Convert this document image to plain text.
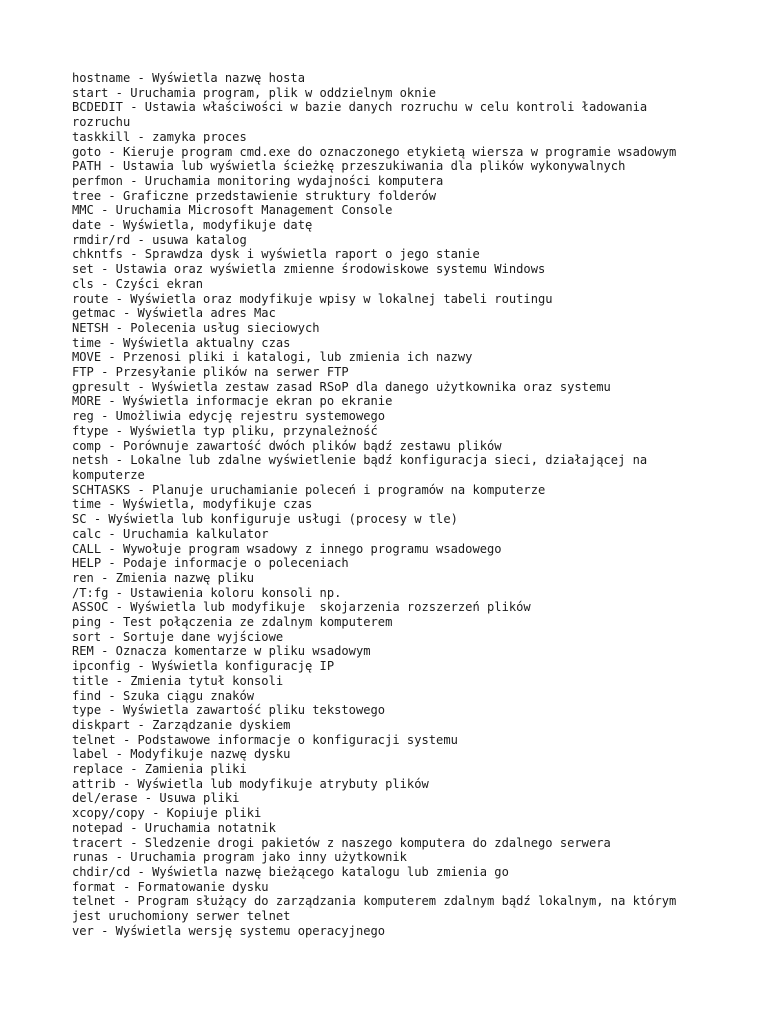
hostname - Wyświetla nazwę hosta
start - Uruchamia program, plik w oddzielnym oknie
BCDEDIT - Ustawia właściwości w bazie danych rozruchu w celu kontroli ładowania rozruchu
taskkill - zamyka proces
goto - Kieruje program cmd.exe do oznaczonego etykietą wiersza w programie wsadowym
PATH - Ustawia lub wyświetla ścieżkę przeszukiwania dla plików wykonywalnych
perfmon - Uruchamia monitoring wydajności komputera
tree - Graficzne przedstawienie struktury folderów
MMC - Uruchamia Microsoft Management Console
date - Wyświetla, modyfikuje datę
rmdir/rd - usuwa katalog
chkntfs - Sprawdza dysk i wyświetla raport o jego stanie
set - Ustawia oraz wyświetla zmienne środowiskowe systemu Windows
cls - Czyści ekran
route - Wyświetla oraz modyfikuje wpisy w lokalnej tabeli routingu
getmac - Wyświetla adres Mac
NETSH - Polecenia usług sieciowych
time - Wyświetla aktualny czas
MOVE - Przenosi pliki i katalogi, lub zmienia ich nazwy
FTP - Przesyłanie plików na serwer FTP
gpresult - Wyświetla zestaw zasad RSoP dla danego użytkownika oraz systemu
MORE - Wyświetla informacje ekran po ekranie
reg - Umożliwia edycję rejestru systemowego
ftype - Wyświetla typ pliku, przynależność
comp - Porównuje zawartość dwóch plików bądź zestawu plików
netsh - Lokalne lub zdalne wyświetlenie bądź konfiguracja sieci, działającej na komputerze
SCHTASKS - Planuje uruchamianie poleceń i programów na komputerze
time - Wyświetla, modyfikuje czas
SC - Wyświetla lub konfiguruje usługi (procesy w tle)
calc - Uruchamia kalkulator
CALL - Wywołuje program wsadowy z innego programu wsadowego
HELP - Podaje informacje o poleceniach
ren - Zmienia nazwę pliku
/T:fg - Ustawienia koloru konsoli np.
ASSOC - Wyświetla lub modyfikuje  skojarzenia rozszerzeń plików
ping - Test połączenia ze zdalnym komputerem
sort - Sortuje dane wyjściowe
REM - Oznacza komentarze w pliku wsadowym
ipconfig - Wyświetla konfigurację IP
title - Zmienia tytuł konsoli
find - Szuka ciągu znaków
type - Wyświetla zawartość pliku tekstowego
diskpart - Zarządzanie dyskiem
telnet - Podstawowe informacje o konfiguracji systemu
label - Modyfikuje nazwę dysku
replace - Zamienia pliki
attrib - Wyświetla lub modyfikuje atrybuty plików
del/erase - Usuwa pliki
xcopy/copy - Kopiuje pliki
notepad - Uruchamia notatnik
tracert - Sledzenie drogi pakietów z naszego komputera do zdalnego serwera
runas - Uruchamia program jako inny użytkownik
chdir/cd - Wyświetla nazwę bieżącego katalogu lub zmienia go
format - Formatowanie dysku
telnet - Program służący do zarządzania komputerem zdalnym bądź lokalnym, na którym jest uruchomiony serwer telnet
ver - Wyświetla wersję systemu operacyjnego
